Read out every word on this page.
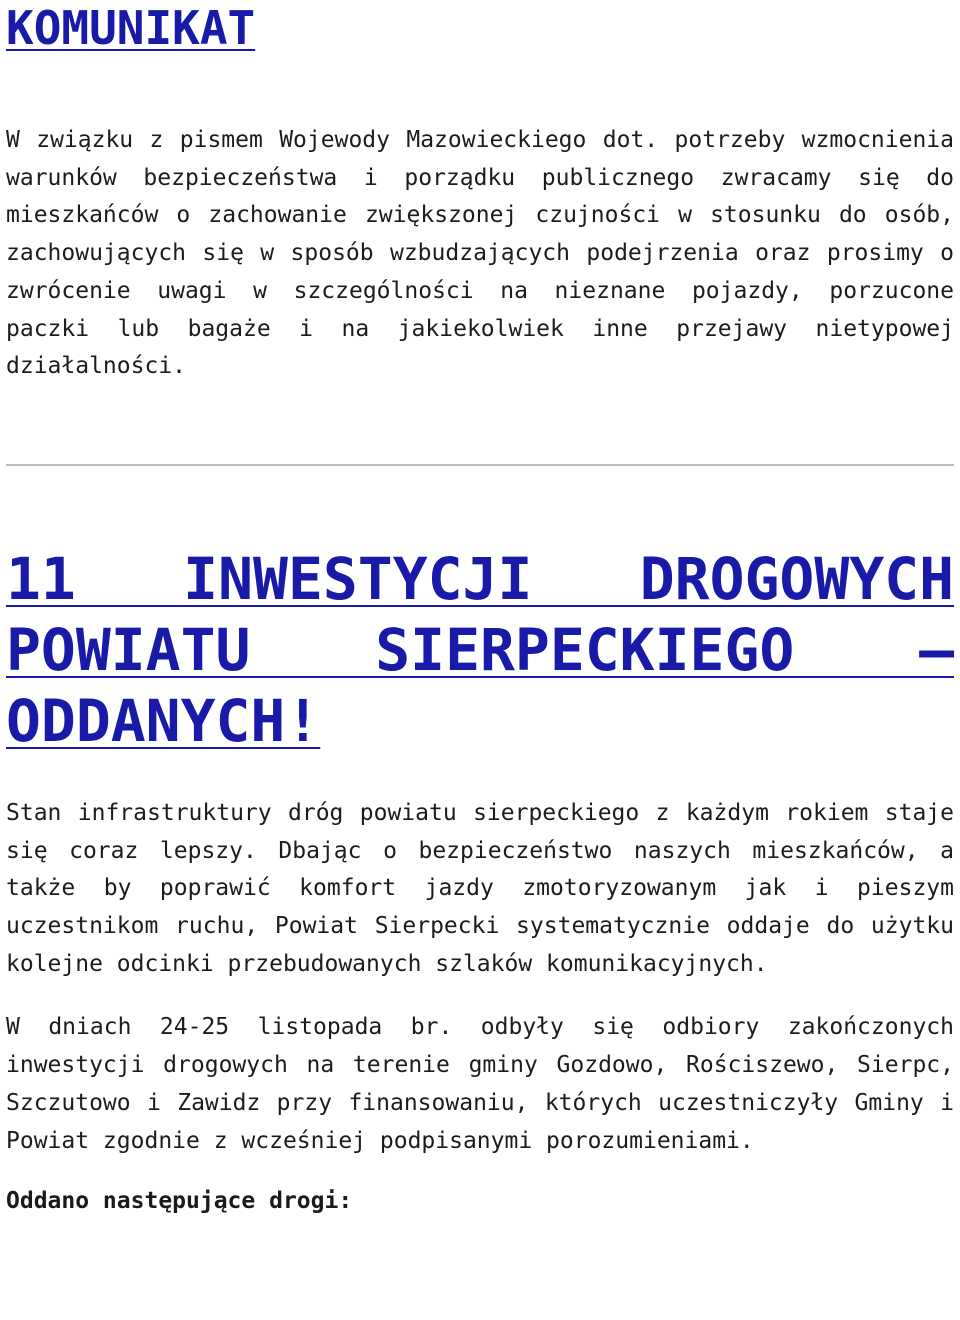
KOMUNIKAT

W związku z pismem Wojewody Mazowieckiego dot. potrzeby wzmocnienia warunków bezpieczeństwa i porządku publicznego zwracamy się do mieszkańców o zachowanie zwiększonej czujności w stosunku do osób, zachowujących się w sposób wzbudzających podejrzenia oraz prosimy o zwrócenie uwagi w szczególności na nieznane pojazdy, porzucone paczki lub bagaże i na jakiekolwiek inne przejawy nietypowej działalności.

11 INWESTYCJI DROGOWYCH POWIATU SIERPECKIEGO – ODDANYCH!

Stan infrastruktury dróg powiatu sierpeckiego z każdym rokiem staje się coraz lepszy. Dbając o bezpieczeństwo naszych mieszkańców, a także by poprawić komfort jazdy zmotoryzowanym jak i pieszym uczestnikom ruchu, Powiat Sierpecki systematycznie oddaje do użytku kolejne odcinki przebudowanych szlaków komunikacyjnych.

W dniach 24-25 listopada br. odbyły się odbiory zakończonych inwestycji drogowych na terenie gminy Gozdowo, Rościszewo, Sierpc, Szczutowo i Zawidz przy finansowaniu, których uczestniczyły Gminy i Powiat zgodnie z wcześniej podpisanymi porozumieniami.

Oddano następujące drogi:
